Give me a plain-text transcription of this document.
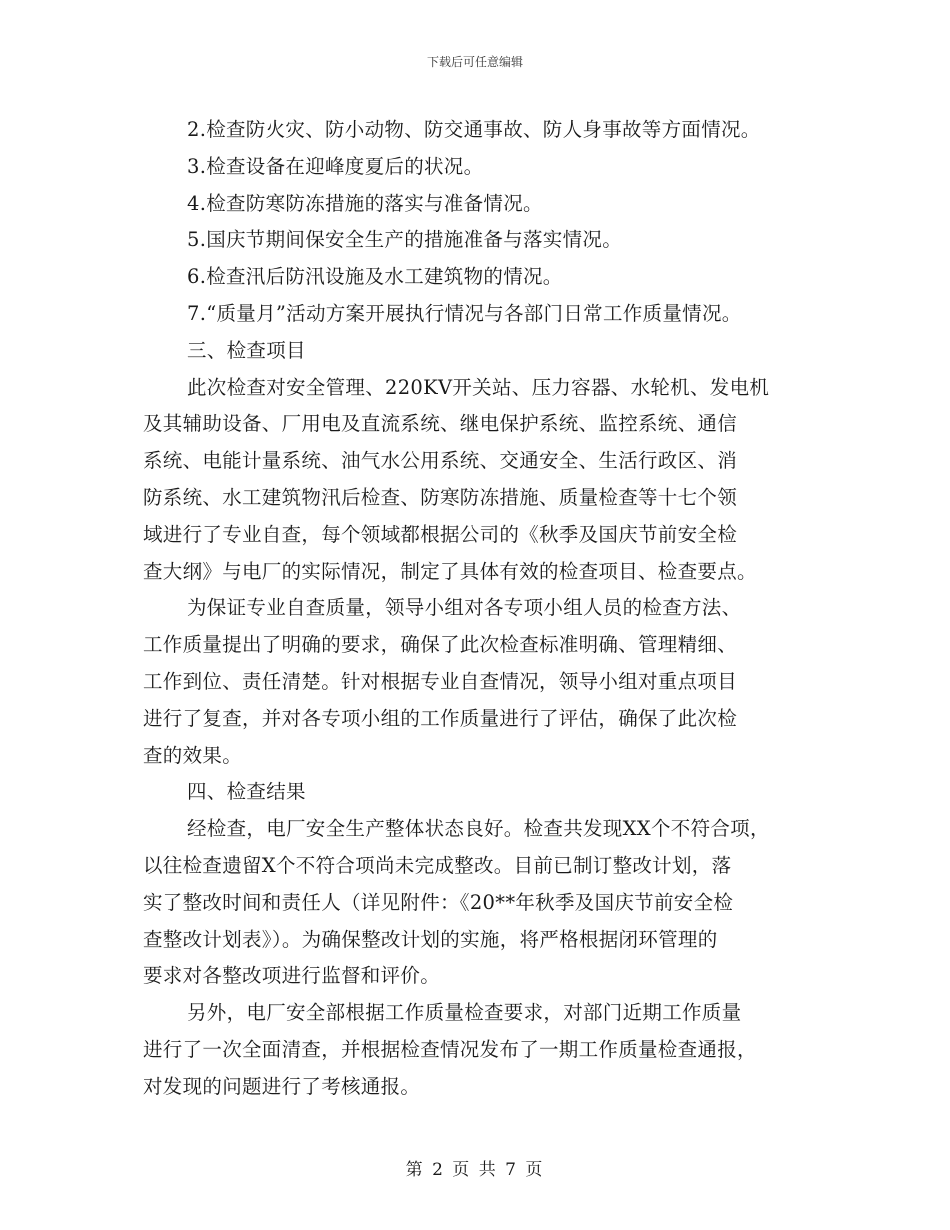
下载后可任意编辑
2.检查防火灾、防小动物、防交通事故、防人身事故等方面情况。
3.检查设备在迎峰度夏后的状况。
4.检查防寒防冻措施的落实与准备情况。
5.国庆节期间保安全生产的措施准备与落实情况。
6.检查汛后防汛设施及水工建筑物的情况。
7.“质量月”活动方案开展执行情况与各部门日常工作质量情况。
三、检查项目
此次检查对安全管理、220KV开关站、压力容器、水轮机、发电机
及其辅助设备、厂用电及直流系统、继电保护系统、监控系统、通信
系统、电能计量系统、油气水公用系统、交通安全、生活行政区、消
防系统、水工建筑物汛后检查、防寒防冻措施、质量检查等十七个领
域进行了专业自查，每个领域都根据公司的《秋季及国庆节前安全检
查大纲》与电厂的实际情况，制定了具体有效的检查项目、检查要点。
为保证专业自查质量，领导小组对各专项小组人员的检查方法、
工作质量提出了明确的要求，确保了此次检查标准明确、管理精细、
工作到位、责任清楚。针对根据专业自查情况，领导小组对重点项目
进行了复查，并对各专项小组的工作质量进行了评估，确保了此次检
查的效果。
四、检查结果
经检查，电厂安全生产整体状态良好。检查共发现XX个不符合项，
以往检查遗留X个不符合项尚未完成整改。目前已制订整改计划，落
实了整改时间和责任人（详见附件：《20**年秋季及国庆节前安全检
查整改计划表》）。为确保整改计划的实施，将严格根据闭环管理的
要求对各整改项进行监督和评价。
另外，电厂安全部根据工作质量检查要求，对部门近期工作质量
进行了一次全面清查，并根据检查情况发布了一期工作质量检查通报，
对发现的问题进行了考核通报。
第 2 页 共 7 页
